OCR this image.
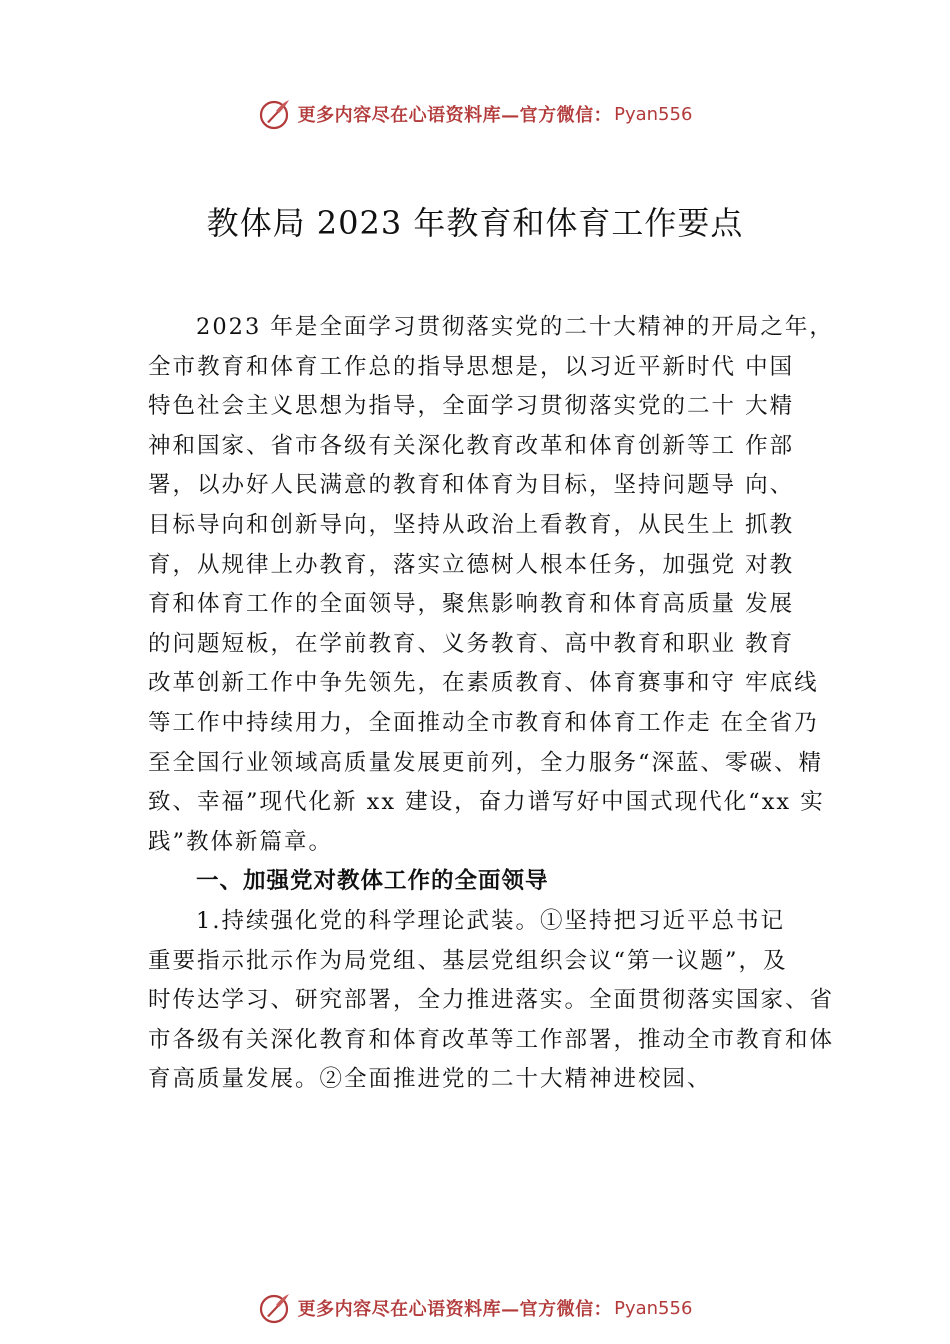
更多内容尽在心语资料库—官方微信： Pyan556
教体局 2023 年教育和体育工作要点
2023 年是全面学习贯彻落实党的二十大精神的开局之年，
全市教育和体育工作总的指导思想是，以习近平新时代 中国
特色社会主义思想为指导，全面学习贯彻落实党的二十 大精
神和国家、省市各级有关深化教育改革和体育创新等工 作部
署，以办好人民满意的教育和体育为目标，坚持问题导 向、
目标导向和创新导向，坚持从政治上看教育，从民生上 抓教
育，从规律上办教育，落实立德树人根本任务，加强党 对教
育和体育工作的全面领导，聚焦影响教育和体育高质量 发展
的问题短板，在学前教育、义务教育、高中教育和职业 教育
改革创新工作中争先领先，在素质教育、体育赛事和守 牢底线
等工作中持续用力，全面推动全市教育和体育工作走 在全省乃
至全国行业领域高质量发展更前列，全力服务“深蓝、零碳、精
致、幸福”现代化新 xx 建设，奋力谱写好中国式现代化“xx 实
践”教体新篇章。
一、加强党对教体工作的全面领导
1.持续强化党的科学理论武装。①坚持把习近平总书记
重要指示批示作为局党组、基层党组织会议“第一议题”，及
时传达学习、研究部署，全力推进落实。全面贯彻落实国家、省
市各级有关深化教育和体育改革等工作部署，推动全市教育和体
育高质量发展。②全面推进党的二十大精神进校园、
更多内容尽在心语资料库—官方微信： Pyan556
